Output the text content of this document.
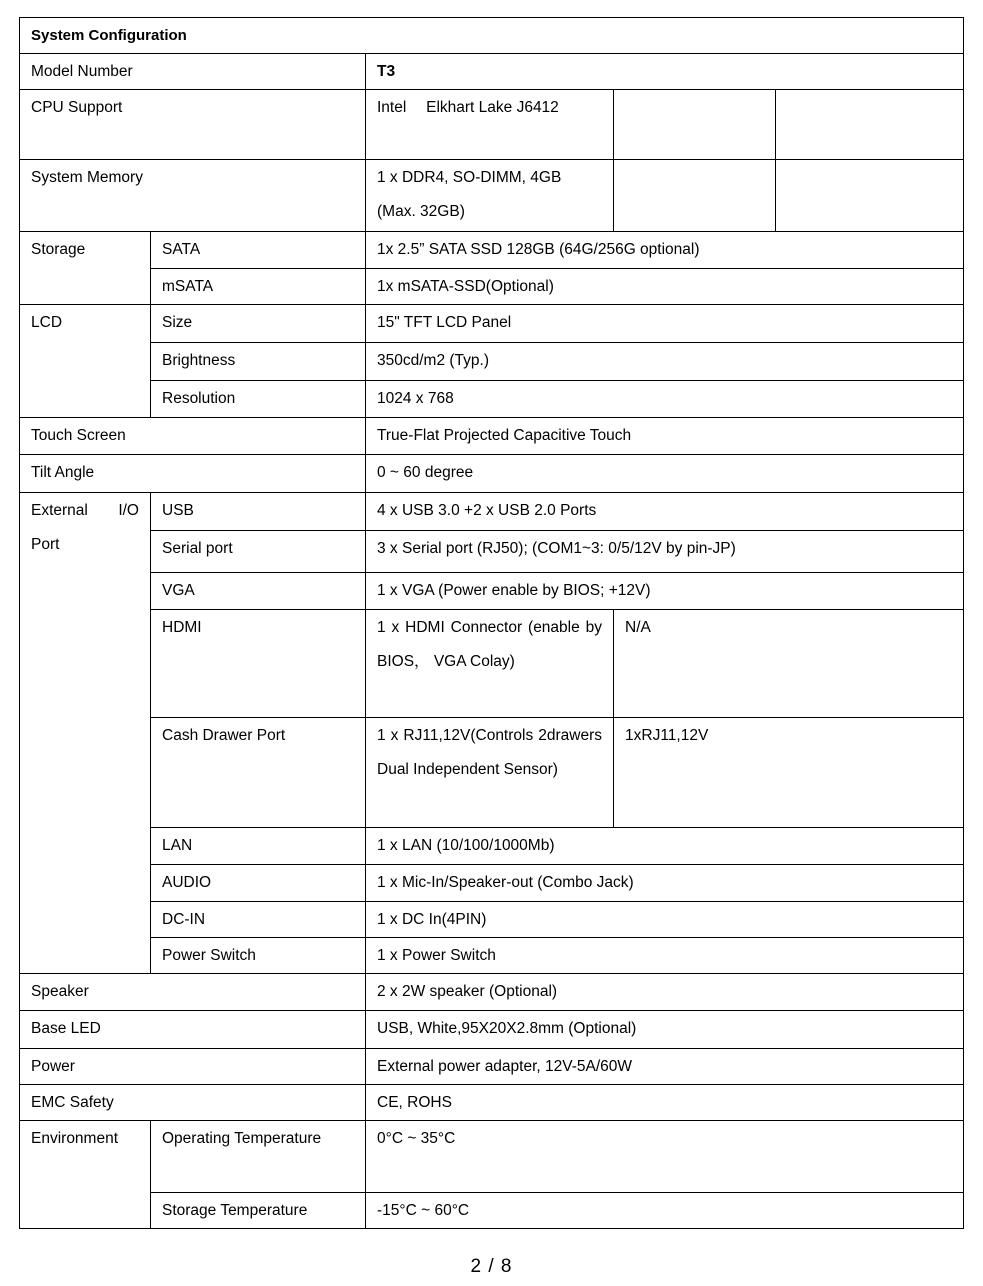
System Configuration				
Model Number		T3		
CPU Support		Intel  Elkhart Lake J6412		
System Memory		1 x DDR4, SO-DIMM, 4GB
(Max. 32GB)		

Storage	SATA	1x 2.5” SATA SSD 128GB (64G/256G optional)		
	mSATA	1x mSATA-SSD(Optional)		
LCD	Size	15" TFT LCD Panel		
	Brightness	350cd/m2 (Typ.)		
	Resolution	1024 x 768		
Touch Screen		True-Flat Projected Capacitive Touch		
Tilt Angle		0 ~ 60 degree		
External I/O Port	USB	4 x USB 3.0 +2 x USB 2.0 Ports		
	Serial port	3 x Serial port (RJ50); (COM1~3: 0/5/12V by pin-JP)		
	VGA	1 x VGA (Power enable by BIOS; +12V)		
	HDMI	1 x HDMI Connector (enable by BIOS， VGA Colay)	N/A	
	Cash Drawer Port	1 x RJ11,12V(Controls 2drawers Dual Independent Sensor)	1xRJ11,12V	
	LAN	1 x LAN (10/100/1000Mb)		
	AUDIO	1 x Mic-In/Speaker-out (Combo Jack)		
	DC-IN	1 x DC In(4PIN)		
	Power Switch	1 x Power Switch		
Speaker		2 x 2W speaker (Optional)		
Base LED		USB, White,95X20X2.8mm (Optional)		
Power		External power adapter, 12V-5A/60W		
EMC Safety		CE, ROHS		
Environment	Operating Temperature	0°C ~ 35°C		
	Storage Temperature	-15°C ~ 60°C		
2 / 8
